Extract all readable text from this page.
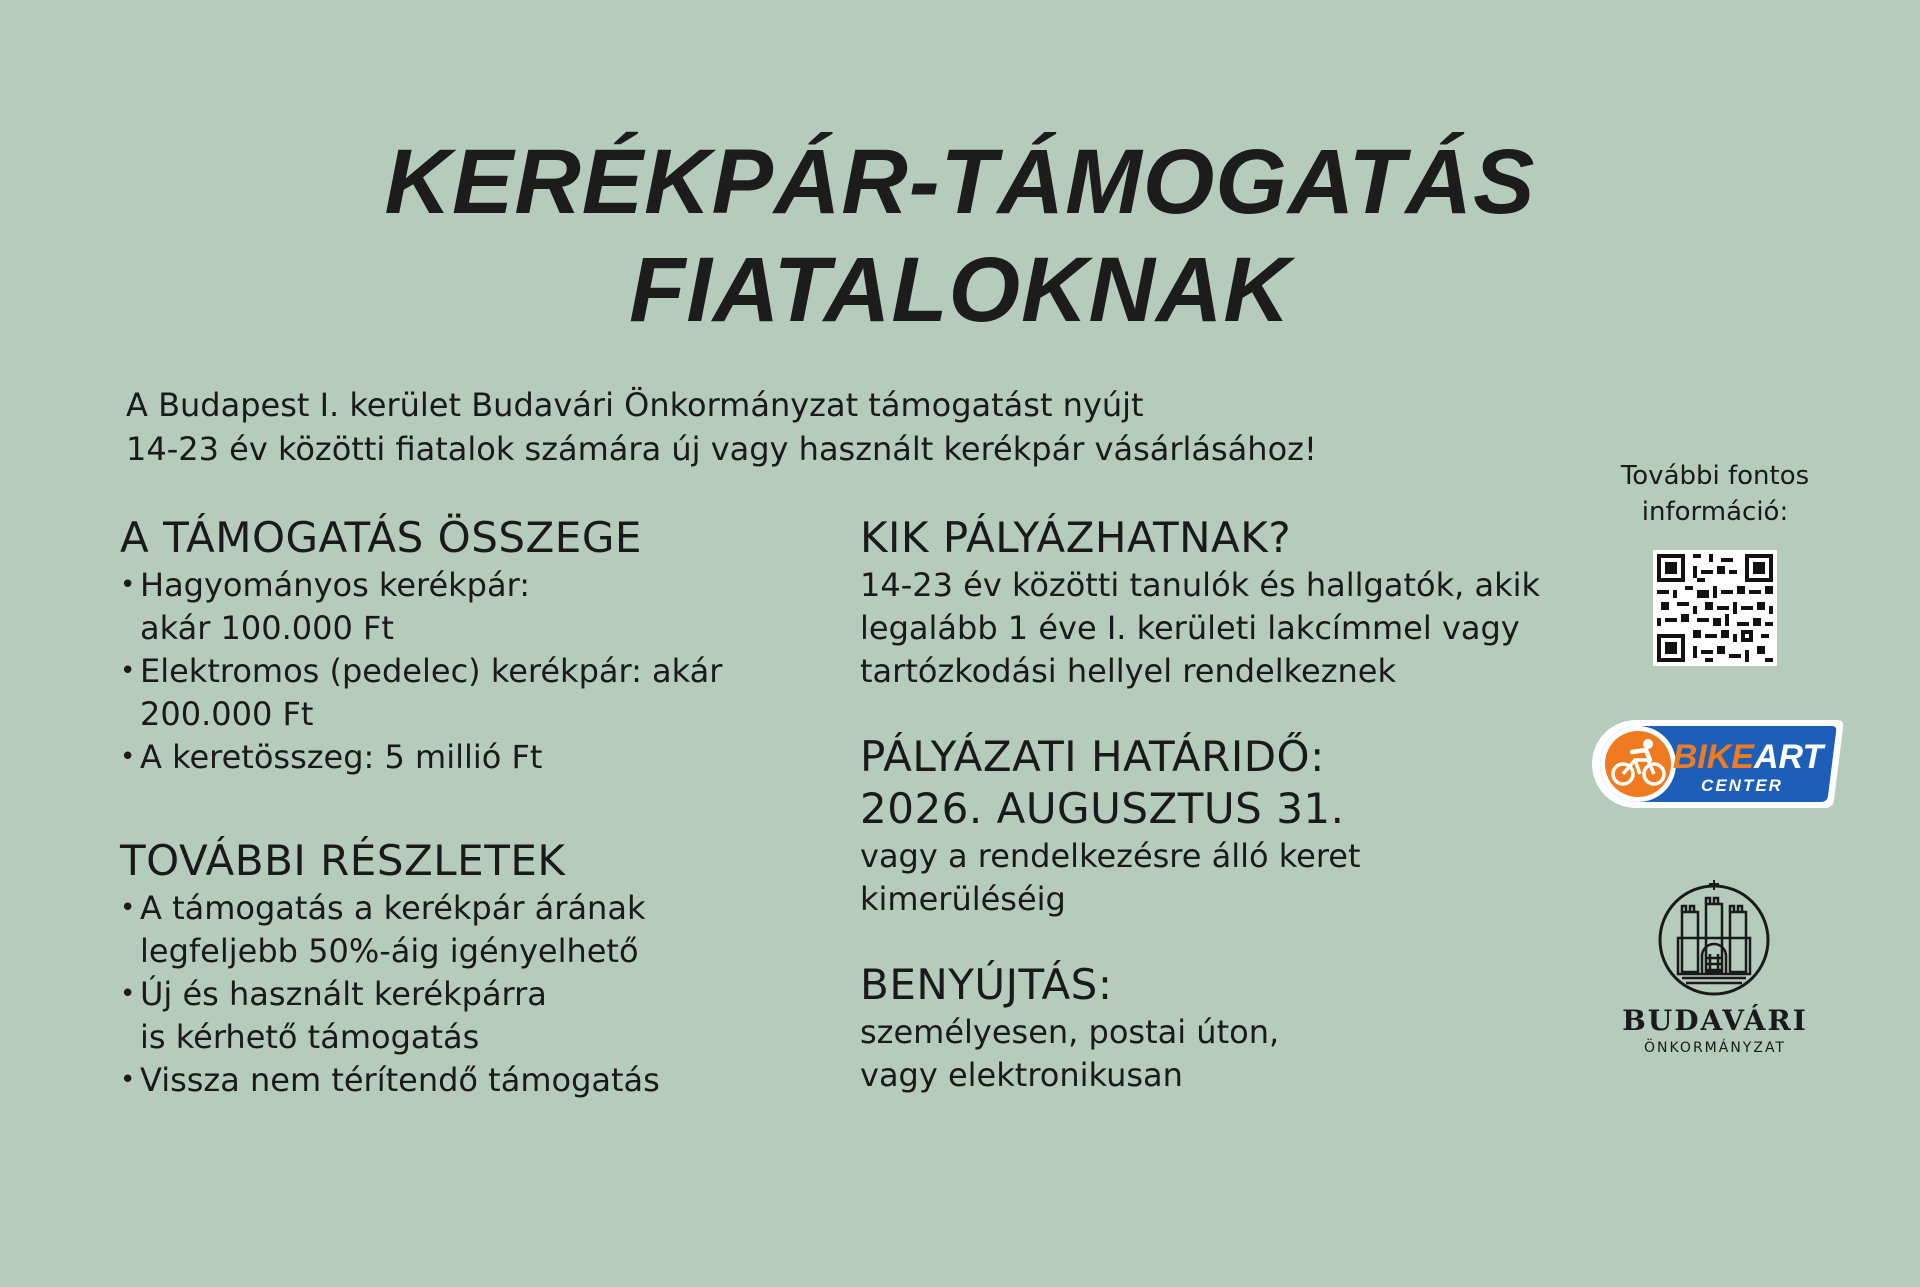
KERÉKPÁR-TÁMOGATÁS
FIATALOKNAK

A Budapest I. kerület Budavári Önkormányzat támogatást nyújt
14-23 év közötti fiatalok számára új vagy használt kerékpár vásárlásához!

A TÁMOGATÁS ÖSSZEGE
• Hagyományos kerékpár:
akár 100.000 Ft
• Elektromos (pedelec) kerékpár: akár
200.000 Ft
• A keretösszeg: 5 millió Ft
TOVÁBBI RÉSZLETEK
• A támogatás a kerékpár árának
legfeljebb 50%-áig igényelhető
• Új és használt kerékpárra
is kérhető támogatás
• Vissza nem térítendő támogatás
KIK PÁLYÁZHATNAK?

14-23 év közötti tanulók és hallgatók, akik
legalább 1 éve I. kerületi lakcímmel vagy
tartózkodási hellyel rendelkeznek

PÁLYÁZATI HATÁRIDŐ:
2026. AUGUSZTUS 31.

vagy a rendelkezésre álló keret
kimerüléséig

BENYÚJTÁS:

személyesen, postai úton,
vagy elektronikusan

További fontos
információ:

BIKEART
CENTER
BUDAVÁRI
ÖNKORMÁNYZAT
